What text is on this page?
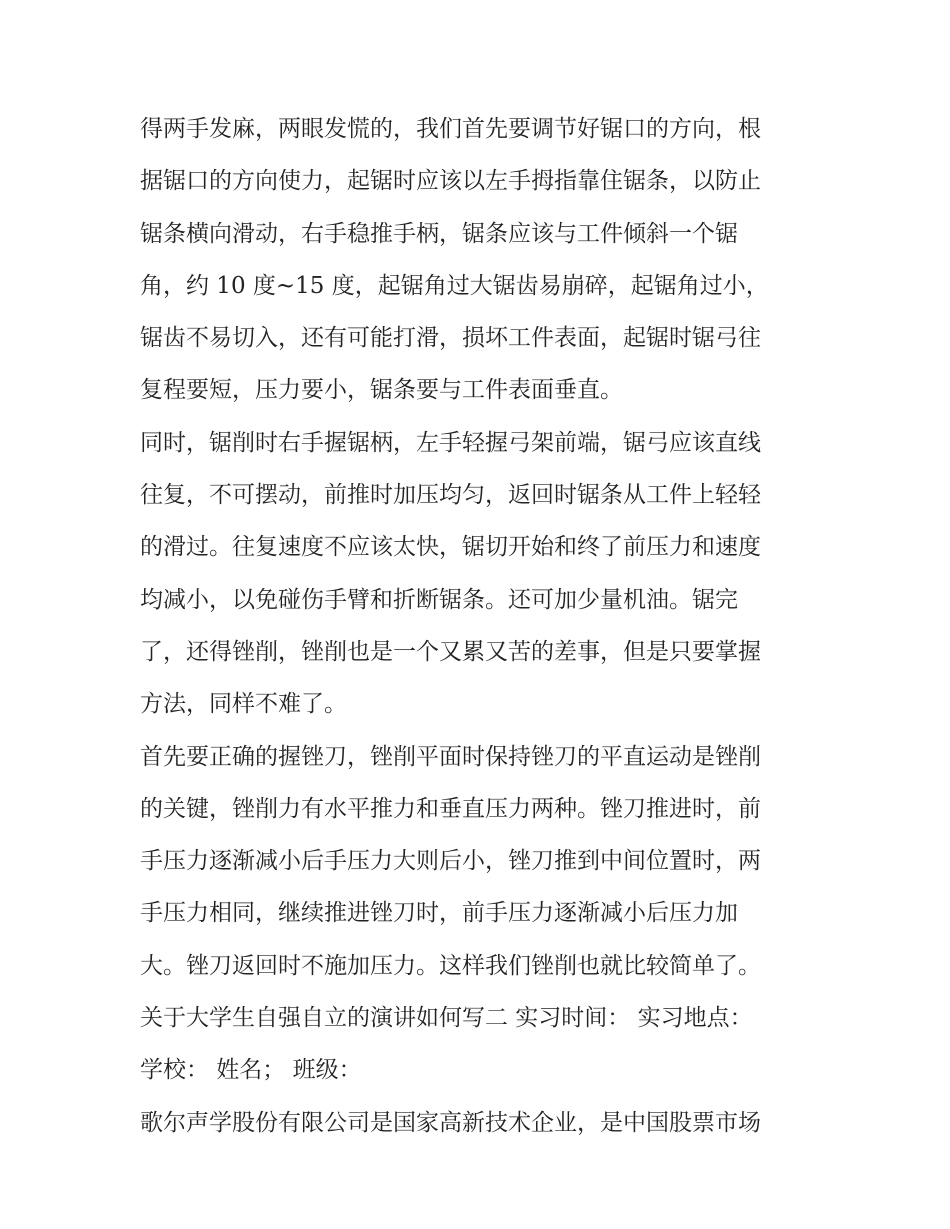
得两手发麻，两眼发慌的，我们首先要调节好锯口的方向，根
据锯口的方向使力，起锯时应该以左手拇指靠住锯条，以防止
锯条横向滑动，右手稳推手柄，锯条应该与工件倾斜一个锯
角，约 10 度~15 度，起锯角过大锯齿易崩碎，起锯角过小，
锯齿不易切入，还有可能打滑，损坏工件表面，起锯时锯弓往
复程要短，压力要小，锯条要与工件表面垂直。
同时，锯削时右手握锯柄，左手轻握弓架前端，锯弓应该直线
往复，不可摆动，前推时加压均匀，返回时锯条从工件上轻轻
的滑过。往复速度不应该太快，锯切开始和终了前压力和速度
均减小，以免碰伤手臂和折断锯条。还可加少量机油。锯完
了，还得锉削，锉削也是一个又累又苦的差事，但是只要掌握
方法，同样不难了。
首先要正确的握锉刀，锉削平面时保持锉刀的平直运动是锉削
的关键，锉削力有水平推力和垂直压力两种。锉刀推进时，前
手压力逐渐减小后手压力大则后小，锉刀推到中间位置时，两
手压力相同，继续推进锉刀时，前手压力逐渐减小后压力加
大。锉刀返回时不施加压力。这样我们锉削也就比较简单了。
关于大学生自强自立的演讲如何写二 实习时间： 实习地点：
学校： 姓名； 班级：
歌尔声学股份有限公司是国家高新技术企业，是中国股票市场
